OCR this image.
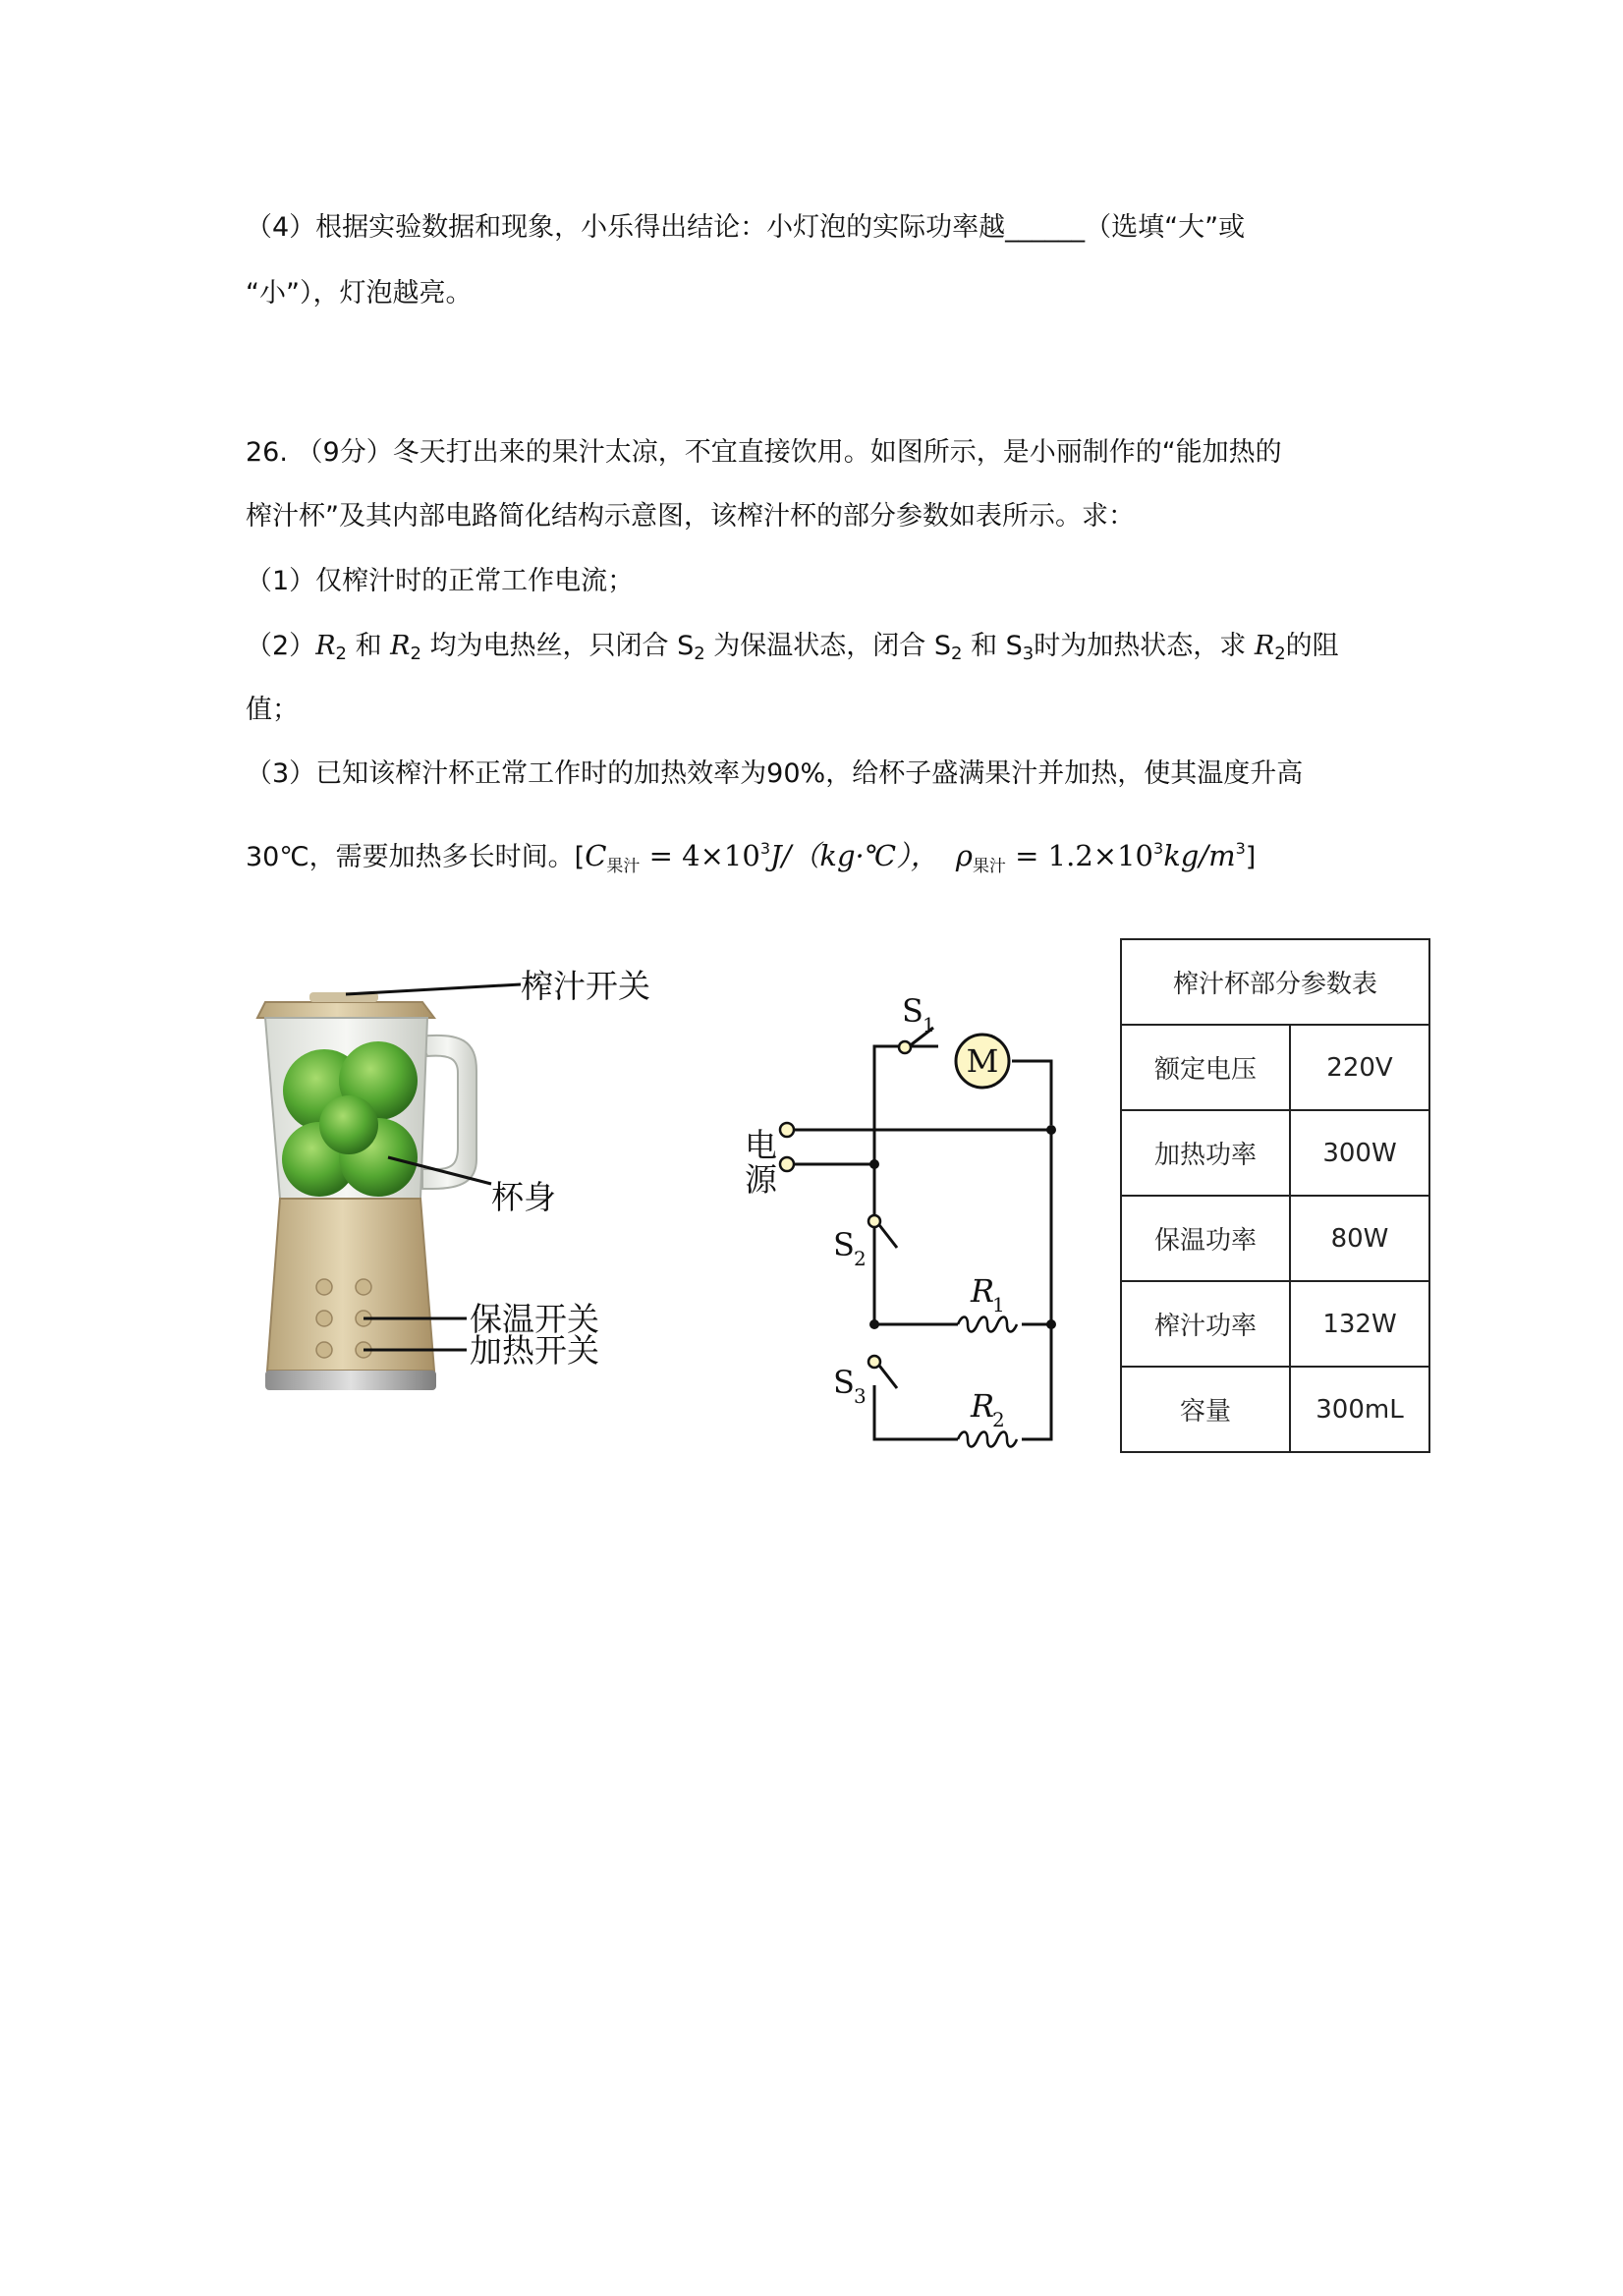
（4）根据实验数据和现象，小乐得出结论：小灯泡的实际功率越______（选填“大”或
“小”），灯泡越亮。
26. （9分）冬天打出来的果汁太凉，不宜直接饮用。如图所示，是小丽制作的“能加热的
榨汁杯”及其内部电路简化结构示意图，该榨汁杯的部分参数如表所示。求：
（1）仅榨汁时的正常工作电流；
（2）R2 和 R2 均为电热丝，只闭合 S2 为保温状态，闭合 S2 和 S3时为加热状态，求 R2的阻
值；
（3）已知该榨汁杯正常工作时的加热效率为90%，给杯子盛满果汁并加热，使其温度升高
30℃，需要加热多长时间。[$C_{果汁}$ = $4\times 10^3J/(kg\cdot℃)$， $\rho_{果汁} = 1.2\times 10^3kg/m^3$]
榨汁开关
杯身
保温开关
加热开关
M
电
源
S 1
S 2
S 3
R
1
R
2
榨汁杯部分参数表	
额定电压	220V
加热功率	300W
保温功率	80W
榨汁功率	132W
容量	300mL
